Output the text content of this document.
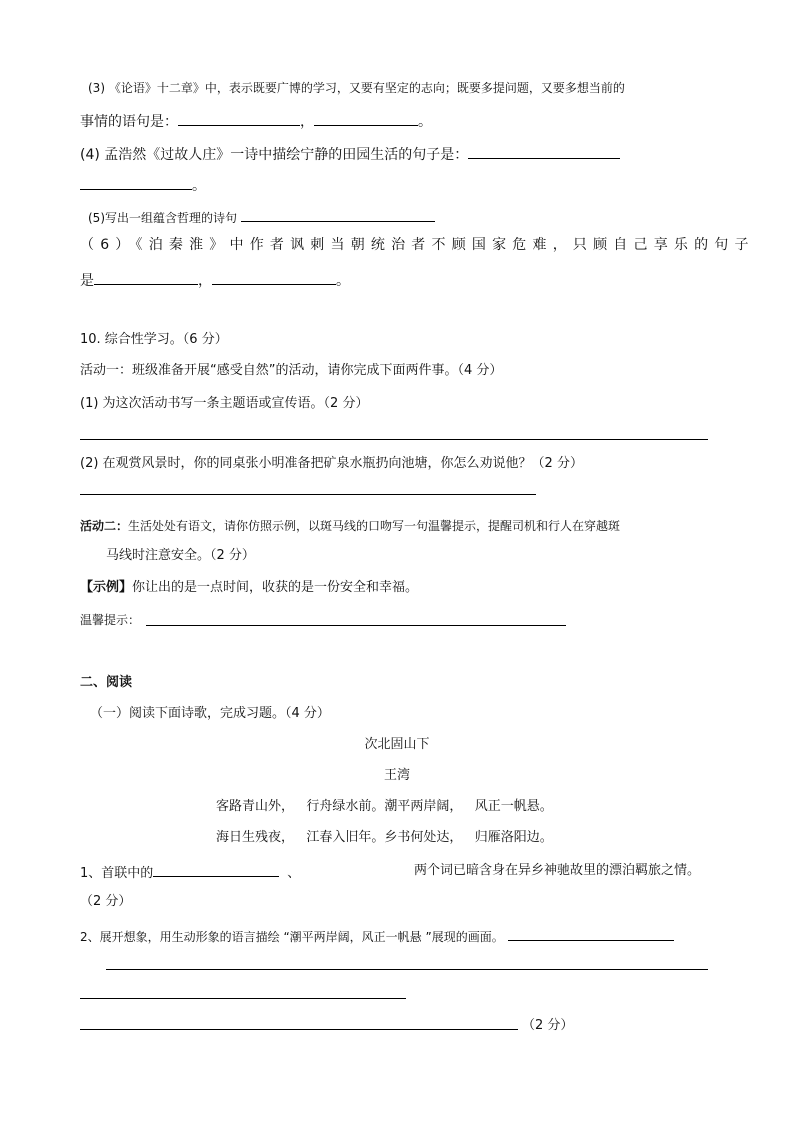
(3) 《论语》十二章》中，表示既要广博的学习，又要有坚定的志向；既要多提问题，又要多想当前的
事情的语句是：	，	。
(4) 孟浩然《过故人庄》一诗中描绘宁静的田园生活的句子是：
。
(5)写出一组蕴含哲理的诗句
（6）《泊秦淮》中作者讽刺当朝统治者不顾国家危难，只顾自己享乐的句子
是	，	。
10. 综合性学习。（6 分）
活动一：班级准备开展“感受自然”的活动，请你完成下面两件事。（4 分）
(1) 为这次活动书写一条主题语或宣传语。（2 分）
(2) 在观赏风景时，你的同桌张小明准备把矿泉水瓶扔向池塘，你怎么劝说他？（2 分）
活动二：生活处处有语文，请你仿照示例，以斑马线的口吻写一句温馨提示，提醒司机和行人在穿越斑
马线时注意安全。（2 分）
【示例】你让出的是一点时间，收获的是一份安全和幸福。
温馨提示：
二、阅读
（一）阅读下面诗歌，完成习题。（4 分）
次北固山下
王湾
客路青山外，   行舟绿水前。潮平两岸阔，   风正一帆悬。
海日生残夜，   江春入旧年。乡书何处达，   归雁洛阳边。
1、首联中的	、	两个词已暗含身在异乡神驰故里的漂泊羁旅之情。
（2 分）
2、展开想象，用生动形象的语言描绘 “潮平两岸阔，风正一帆悬 ”展现的画面。
（2 分）
